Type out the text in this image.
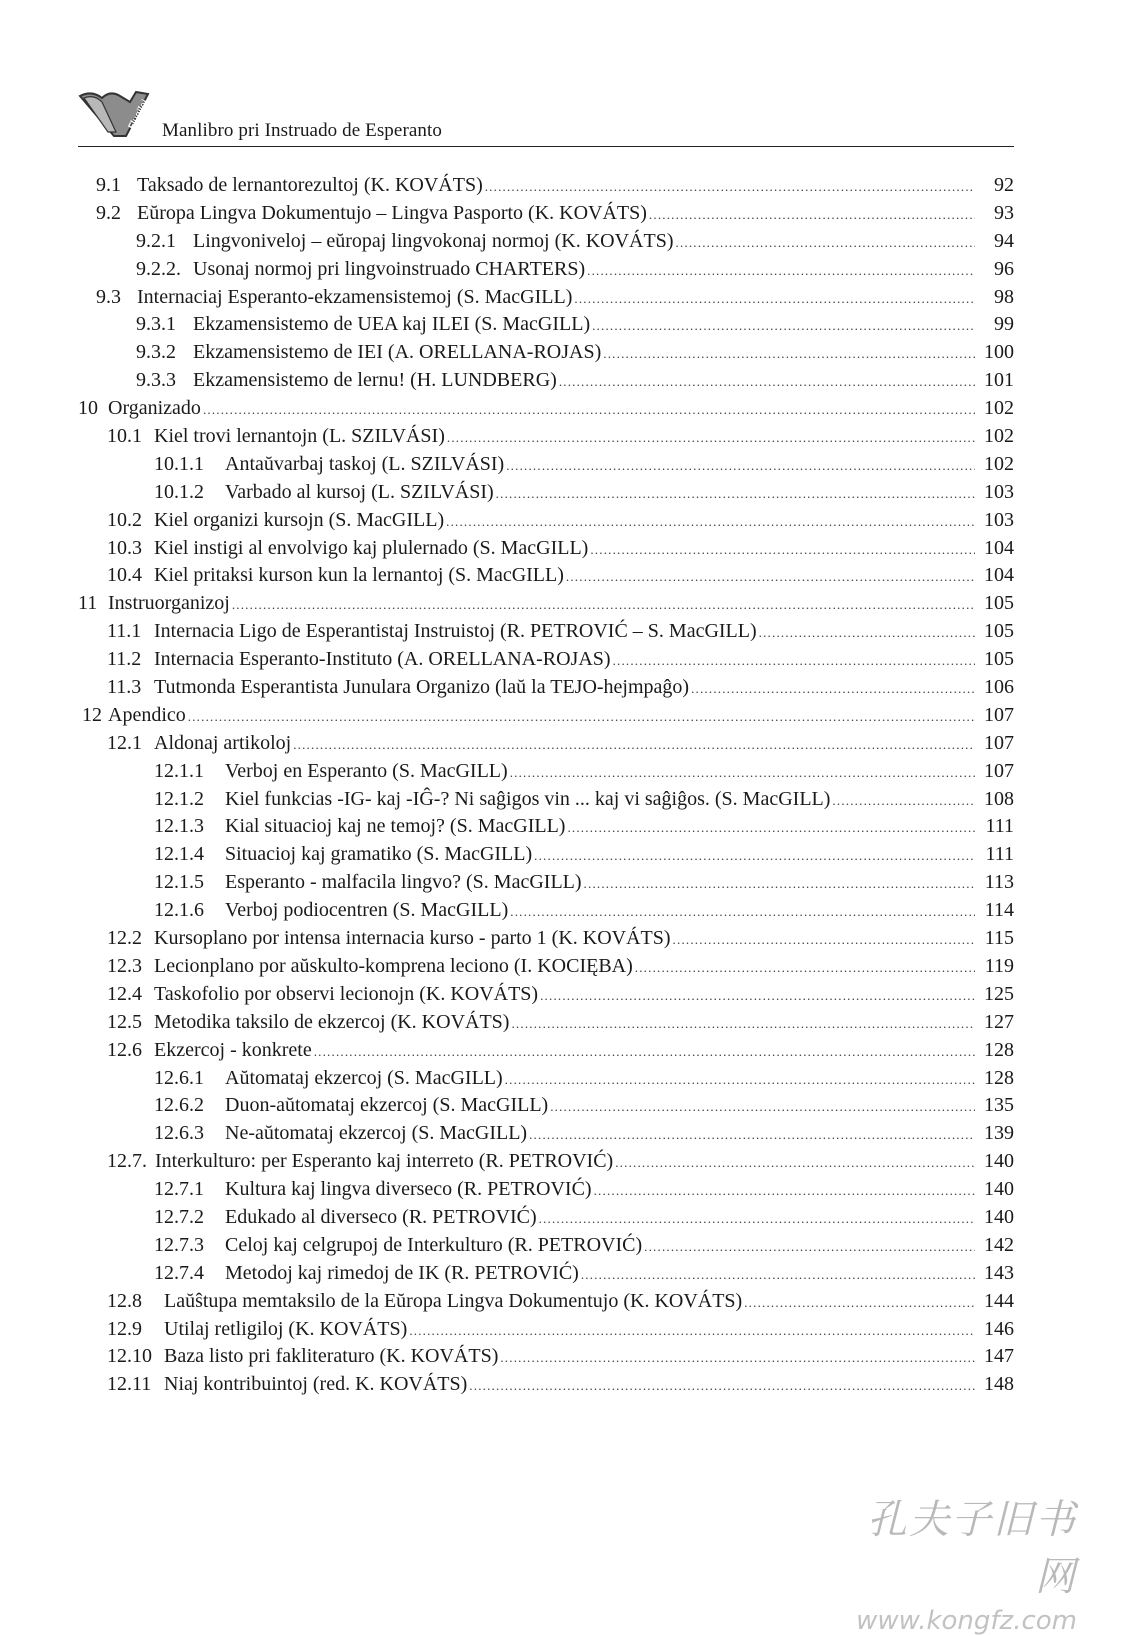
Flugiloj Manlibro pri Instruado de Esperanto
9.1 Taksado de lernantorezultoj (K. KOVÁTS) .....	92
9.2 Eŭropa Lingva Dokumentujo – Lingva Pasporto (K. KOVÁTS) .....	93
9.2.1 Lingvoniveloj – eŭropaj lingvokonaj normoj (K. KOVÁTS) .....	94
9.2.2. Usonaj normoj pri lingvoinstruado CHARTERS) .....	96
9.3 Internaciaj Esperanto-ekzamensistemoj (S. MacGILL) .....	98
9.3.1 Ekzamensistemo de UEA kaj ILEI (S. MacGILL) .....	99
9.3.2 Ekzamensistemo de IEI (A. ORELLANA-ROJAS) .....	100
9.3.3 Ekzamensistemo de lernu! (H. LUNDBERG) .....	101
10 Organizado .....	102
10.1 Kiel trovi lernantojn (L. SZILVÁSI) .....	102
10.1.1	Antaŭvarbaj taskoj (L. SZILVÁSI) .....	102
10.1.2	Varbado al kursoj (L. SZILVÁSI) .....	103
10.2 Kiel organizi kursojn (S. MacGILL) .....	103
10.3 Kiel instigi al envolvigo kaj plulernado (S. MacGILL) .....	104
10.4 Kiel pritaksi kurson kun la lernantoj (S. MacGILL) .....	104
11 Instruorganizoj .....	105
11.1 Internacia Ligo de Esperantistaj Instruistoj (R. PETROVIĆ – S. MacGILL) .....	105
11.2 Internacia Esperanto-Instituto (A. ORELLANA-ROJAS) .....	105
11.3 Tutmonda Esperantista Junulara Organizo (laŭ la TEJO-hejmpaĝo) .....	106
12 Apendico .....	107
12.1 Aldonaj artikoloj .....	107
12.1.1	Verboj en Esperanto (S. MacGILL) .....	107
12.1.2	Kiel funkcias -IG- kaj -IĜ-? Ni saĝigos vin ... kaj vi saĝiĝos. (S. MacGILL) .....	108
12.1.3	Kial situacioj kaj ne temoj? (S. MacGILL) .....	111
12.1.4	Situacioj kaj gramatiko (S. MacGILL) .....	111
12.1.5	Esperanto - malfacila lingvo? (S. MacGILL) .....	113
12.1.6	Verboj podiocentren (S. MacGILL) .....	114
12.2 Kursoplano por intensa internacia kurso - parto 1 (K. KOVÁTS) .....	115
12.3 Lecionplano por aŭskulto-komprena leciono (I. KOCIĘBA) .....	119
12.4 Taskofolio por observi lecionojn (K. KOVÁTS) .....	125
12.5 Metodika taksilo de ekzercoj (K. KOVÁTS) .....	127
12.6 Ekzercoj - konkrete .....	128
12.6.1	Aŭtomataj ekzercoj (S. MacGILL) .....	128
12.6.2	Duon-aŭtomataj ekzercoj (S. MacGILL) .....	135
12.6.3	Ne-aŭtomataj ekzercoj (S. MacGILL) .....	139
12.7. Interkulturo: per Esperanto kaj interreto (R. PETROVIĆ) .....	140
12.7.1	Kultura kaj lingva diverseco (R. PETROVIĆ) .....	140
12.7.2	Edukado al diverseco (R. PETROVIĆ) .....	140
12.7.3	Celoj kaj celgrupoj de Interkulturo (R. PETROVIĆ) .....	142
12.7.4	Metodoj kaj rimedoj de IK (R. PETROVIĆ) .....	143
12.8	Laŭŝtupa memtaksilo de la Eŭropa Lingva Dokumentujo (K. KOVÁTS) .....	144
12.9	Utilaj retligiloj (K. KOVÁTS) .....	146
12.10 Baza listo pri fakliteraturo (K. KOVÁTS) .....	147
12.11 Niaj kontribuintoj (red. K. KOVÁTS) .....	148
孔夫子旧书网
www.kongfz.com
